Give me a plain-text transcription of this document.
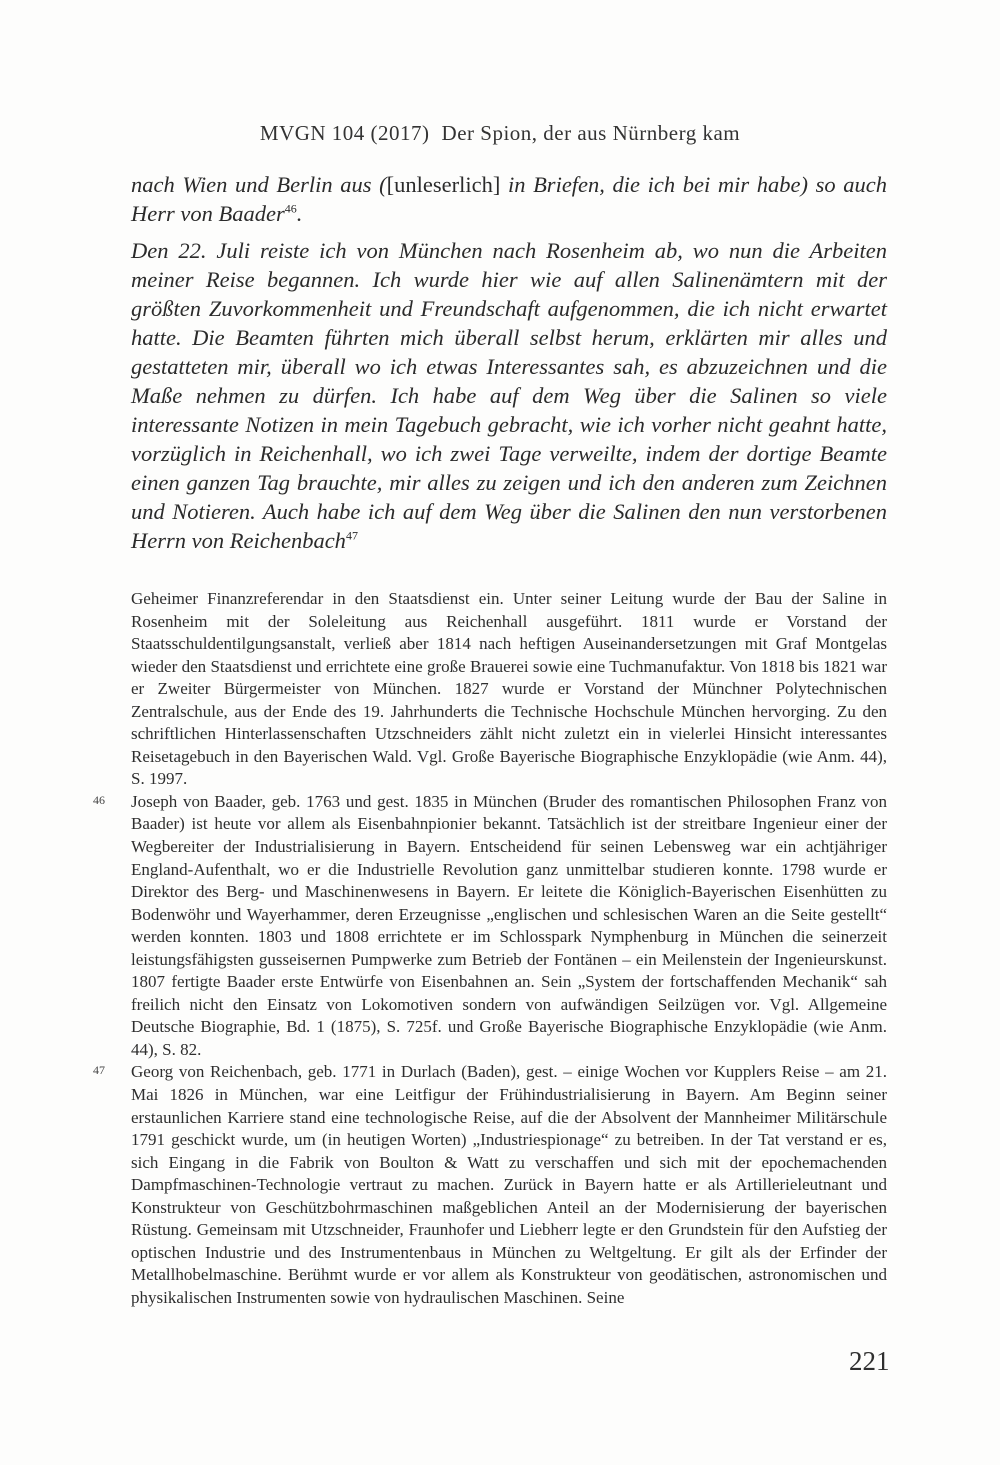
MVGN 104 (2017) Der Spion, der aus Nürnberg kam

nach Wien und Berlin aus ([unleserlich] in Briefen, die ich bei mir habe) so auch Herr von Baader$^{46}$.

Den 22. Juli reiste ich von München nach Rosenheim ab, wo nun die Arbeiten meiner Reise begannen. Ich wurde hier wie auf allen Salinenämtern mit der größten Zuvorkommenheit und Freundschaft aufgenommen, die ich nicht erwartet hatte. Die Beamten führten mich überall selbst herum, erklärten mir alles und gestatteten mir, überall wo ich etwas Interessantes sah, es abzuzeichnen und die Maße nehmen zu dürfen. Ich habe auf dem Weg über die Salinen so viele interessante Notizen in mein Tagebuch gebracht, wie ich vorher nicht geahnt hatte, vorzüglich in Reichenhall, wo ich zwei Tage verweilte, indem der dortige Beamte einen ganzen Tag brauchte, mir alles zu zeigen und ich den anderen zum Zeichnen und Notieren. Auch habe ich auf dem Weg über die Salinen den nun verstorbenen Herrn von Reichenbach$^{47}$

Geheimer Finanzreferendar in den Staatsdienst ein. Unter seiner Leitung wurde der Bau der Saline in Rosenheim mit der Soleleitung aus Reichenhall ausgeführt. 1811 wurde er Vorstand der Staatsschuldentilgungsanstalt, verließ aber 1814 nach heftigen Auseinandersetzungen mit Graf Montgelas wieder den Staatsdienst und errichtete eine große Brauerei sowie eine Tuchmanufaktur. Von 1818 bis 1821 war er Zweiter Bürgermeister von München. 1827 wurde er Vorstand der Münchner Polytechnischen Zentralschule, aus der Ende des 19. Jahrhunderts die Technische Hochschule München hervorging. Zu den schriftlichen Hinterlassenschaften Utzschneiders zählt nicht zuletzt ein in vielerlei Hinsicht interessantes Reisetagebuch in den Bayerischen Wald. Vgl. Große Bayerische Biographische Enzyklopädie (wie Anm. 44), S. 1997.

46 Joseph von Baader, geb. 1763 und gest. 1835 in München (Bruder des romantischen Philosophen Franz von Baader) ist heute vor allem als Eisenbahnpionier bekannt. Tatsächlich ist der streitbare Ingenieur einer der Wegbereiter der Industrialisierung in Bayern. Entscheidend für seinen Lebensweg war ein achtjähriger England-Aufenthalt, wo er die Industrielle Revolution ganz unmittelbar studieren konnte. 1798 wurde er Direktor des Berg- und Maschinenwesens in Bayern. Er leitete die Königlich-Bayerischen Eisenhütten zu Bodenwöhr und Wayerhammer, deren Erzeugnisse „englischen und schlesischen Waren an die Seite gestellt“ werden konnten. 1803 und 1808 errichtete er im Schlosspark Nymphenburg in München die seinerzeit leistungsfähigsten gusseisernen Pumpwerke zum Betrieb der Fontänen – ein Meilenstein der Ingenieurskunst. 1807 fertigte Baader erste Entwürfe von Eisenbahnen an. Sein „System der fortschaffenden Mechanik“ sah freilich nicht den Einsatz von Lokomotiven sondern von aufwändigen Seilzügen vor. Vgl. Allgemeine Deutsche Biographie, Bd. 1 (1875), S. 725f. und Große Bayerische Biographische Enzyklopädie (wie Anm. 44), S. 82.

47 Georg von Reichenbach, geb. 1771 in Durlach (Baden), gest. – einige Wochen vor Kupplers Reise – am 21. Mai 1826 in München, war eine Leitfigur der Frühindustrialisierung in Bayern. Am Beginn seiner erstaunlichen Karriere stand eine technologische Reise, auf die der Absolvent der Mannheimer Militärschule 1791 geschickt wurde, um (in heutigen Worten) „Industriespionage“ zu betreiben. In der Tat verstand er es, sich Eingang in die Fabrik von Boulton & Watt zu verschaffen und sich mit der epochemachenden Dampfmaschinen-Technologie vertraut zu machen. Zurück in Bayern hatte er als Artillerieleutnant und Konstrukteur von Geschützbohrmaschinen maßgeblichen Anteil an der Modernisierung der bayerischen Rüstung. Gemeinsam mit Utzschneider, Fraunhofer und Liebherr legte er den Grundstein für den Aufstieg der optischen Industrie und des Instrumentenbaus in München zu Weltgeltung. Er gilt als der Erfinder der Metallhobelmaschine. Berühmt wurde er vor allem als Konstrukteur von geodätischen, astronomischen und physikalischen Instrumenten sowie von hydraulischen Maschinen. Seine

221
